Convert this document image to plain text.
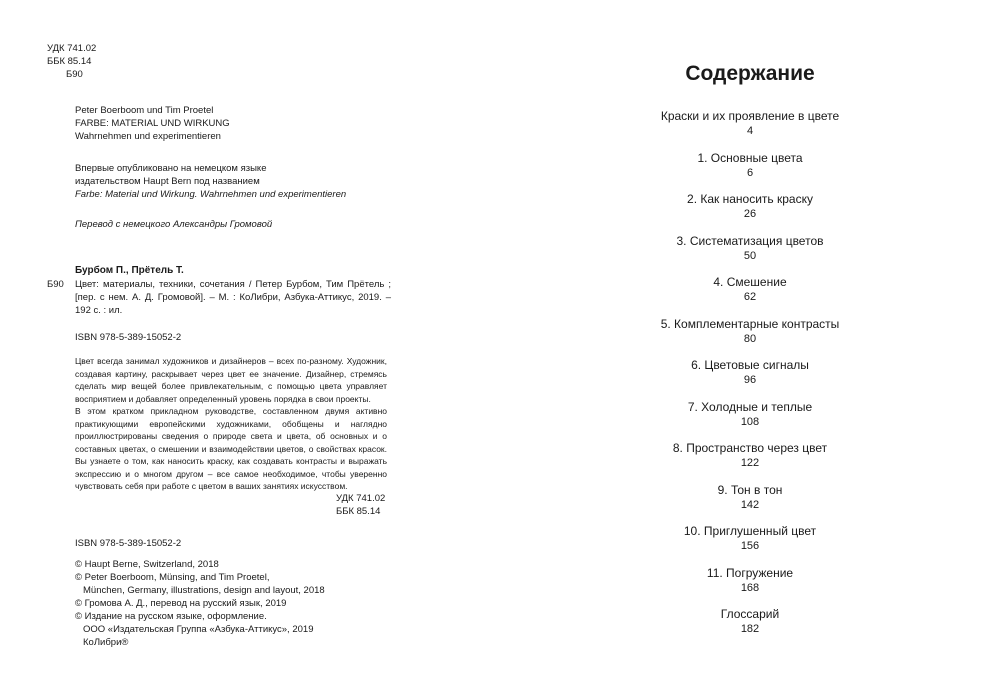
УДК 741.02
ББК 85.14
Б90
Peter Boerboom und Tim Proetel
FARBE: MATERIAL UND WIRKUNG
Wahrnehmen und experimentieren
Впервые опубликовано на немецком языке
издательством Haupt Bern под названием
Farbe: Material und Wirkung. Wahrnehmen und experimentieren
Перевод с немецкого Александры Громовой
Бурбом П., Прётель Т.
Б90 Цвет: материалы, техники, сочетания / Петер Бурбом, Тим Прётель ; [пер. с нем. А. Д. Громовой]. – М. : КоЛибри, Азбука-Аттикус, 2019. – 192 с. : ил.
ISBN 978-5-389-15052-2

Цвет всегда занимал художников и дизайнеров – всех по-разному. Художник, создавая картину, раскрывает через цвет ее значение. Дизайнер, стремясь сделать мир вещей более привлекательным, с помощью цвета управляет восприятием и добавляет определенный уровень порядка в свои проекты.

В этом кратком прикладном руководстве, составленном двумя активно практикующими европейскими художниками, обобщены и наглядно проиллюстрированы сведения о природе света и цвета, об основных и о составных цветах, о смешении и взаимодействии цветов, о свойствах красок. Вы узнаете о том, как наносить краску, как создавать контрасты и выражать экспрессию и о многом другом – все самое необходимое, чтобы уверенно чувствовать себя при работе с цветом в ваших занятиях искусством.

УДК 741.02
ББК 85.14
ISBN 978-5-389-15052-2
© Haupt Berne, Switzerland, 2018
© Peter Boerboom, Münsing, and Tim Proetel,
München, Germany, illustrations, design and layout, 2018
© Громова А. Д., перевод на русский язык, 2019
© Издание на русском языке, оформление.
ООО «Издательская Группа «Азбука-Аттикус», 2019
КоЛибри®
Содержание
Краски и их проявление в цвете
4
1. Основные цвета
6
2. Как наносить краску
26
3. Систематизация цветов
50
4. Смешение
62
5. Комплементарные контрасты
80
6. Цветовые сигналы
96
7. Холодные и теплые
108
8. Пространство через цвет
122
9. Тон в тон
142
10. Приглушенный цвет
156
11. Погружение
168
Глоссарий
182
